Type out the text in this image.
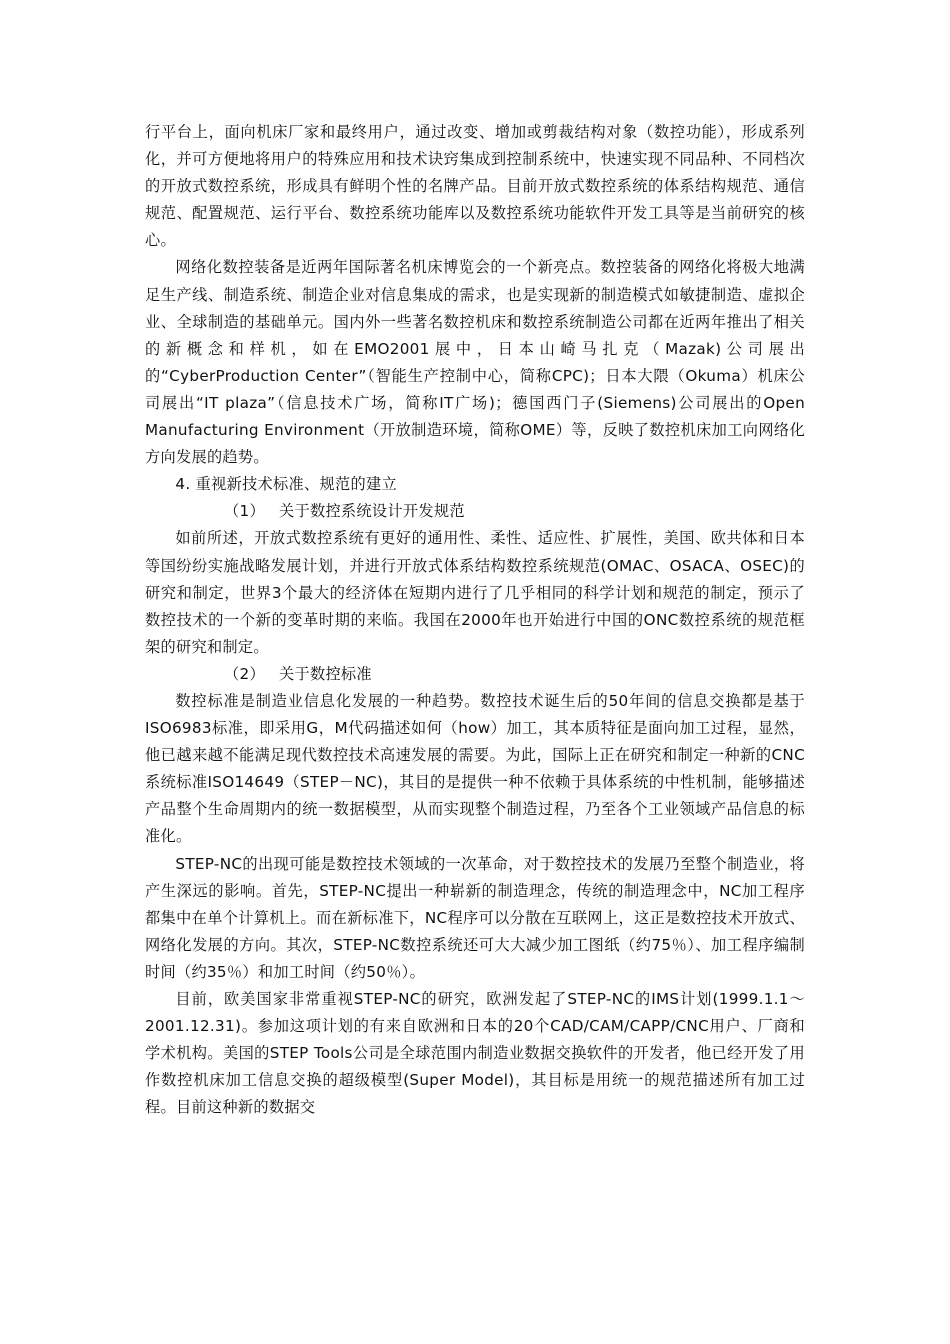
行平台上，面向机床厂家和最终用户，通过改变、增加或剪裁结构对象（数控功能），形成系列化，并可方便地将用户的特殊应用和技术诀窍集成到控制系统中，快速实现不同品种、不同档次的开放式数控系统，形成具有鲜明个性的名牌产品。目前开放式数控系统的体系结构规范、通信规范、配置规范、运行平台、数控系统功能库以及数控系统功能软件开发工具等是当前研究的核心。

网络化数控装备是近两年国际著名机床博览会的一个新亮点。数控装备的网络化将极大地满足生产线、制造系统、制造企业对信息集成的需求，也是实现新的制造模式如敏捷制造、虚拟企业、全球制造的基础单元。国内外一些著名数控机床和数控系统制造公司都在近两年推出了相关的新概念和样机，如在EMO2001展中，日本山崎马扎克（Mazak)公司展出的“CyberProduction Center”（智能生产控制中心，简称CPC)；日本大隈（Okuma）机床公司展出“IT plaza”（信息技术广场，简称IT广场)；德国西门子(Siemens)公司展出的Open Manufacturing Environment（开放制造环境，简称OME）等，反映了数控机床加工向网络化方向发展的趋势。

4. 重视新技术标准、规范的建立

（1） 关于数控系统设计开发规范

如前所述，开放式数控系统有更好的通用性、柔性、适应性、扩展性，美国、欧共体和日本等国纷纷实施战略发展计划，并进行开放式体系结构数控系统规范(OMAC、OSACA、OSEC)的研究和制定，世界3个最大的经济体在短期内进行了几乎相同的科学计划和规范的制定，预示了数控技术的一个新的变革时期的来临。我国在2000年也开始进行中国的ONC数控系统的规范框架的研究和制定。

（2） 关于数控标准

数控标准是制造业信息化发展的一种趋势。数控技术诞生后的50年间的信息交换都是基于ISO6983标准，即采用G，M代码描述如何（how）加工，其本质特征是面向加工过程，显然，他已越来越不能满足现代数控技术高速发展的需要。为此，国际上正在研究和制定一种新的CNC系统标准ISO14649（STEP－NC)，其目的是提供一种不依赖于具体系统的中性机制，能够描述产品整个生命周期内的统一数据模型，从而实现整个制造过程，乃至各个工业领域产品信息的标准化。

STEP-NC的出现可能是数控技术领域的一次革命，对于数控技术的发展乃至整个制造业，将产生深远的影响。首先，STEP-NC提出一种崭新的制造理念，传统的制造理念中，NC加工程序都集中在单个计算机上。而在新标准下，NC程序可以分散在互联网上，这正是数控技术开放式、网络化发展的方向。其次，STEP-NC数控系统还可大大减少加工图纸（约75％）、加工程序编制时间（约35％）和加工时间（约50％）。

目前，欧美国家非常重视STEP-NC的研究，欧洲发起了STEP-NC的IMS计划(1999.1.1～2001.12.31)。参加这项计划的有来自欧洲和日本的20个CAD/CAM/CAPP/CNC用户、厂商和学术机构。美国的STEP Tools公司是全球范围内制造业数据交换软件的开发者，他已经开发了用作数控机床加工信息交换的超级模型(Super Model)，其目标是用统一的规范描述所有加工过程。目前这种新的数据交
